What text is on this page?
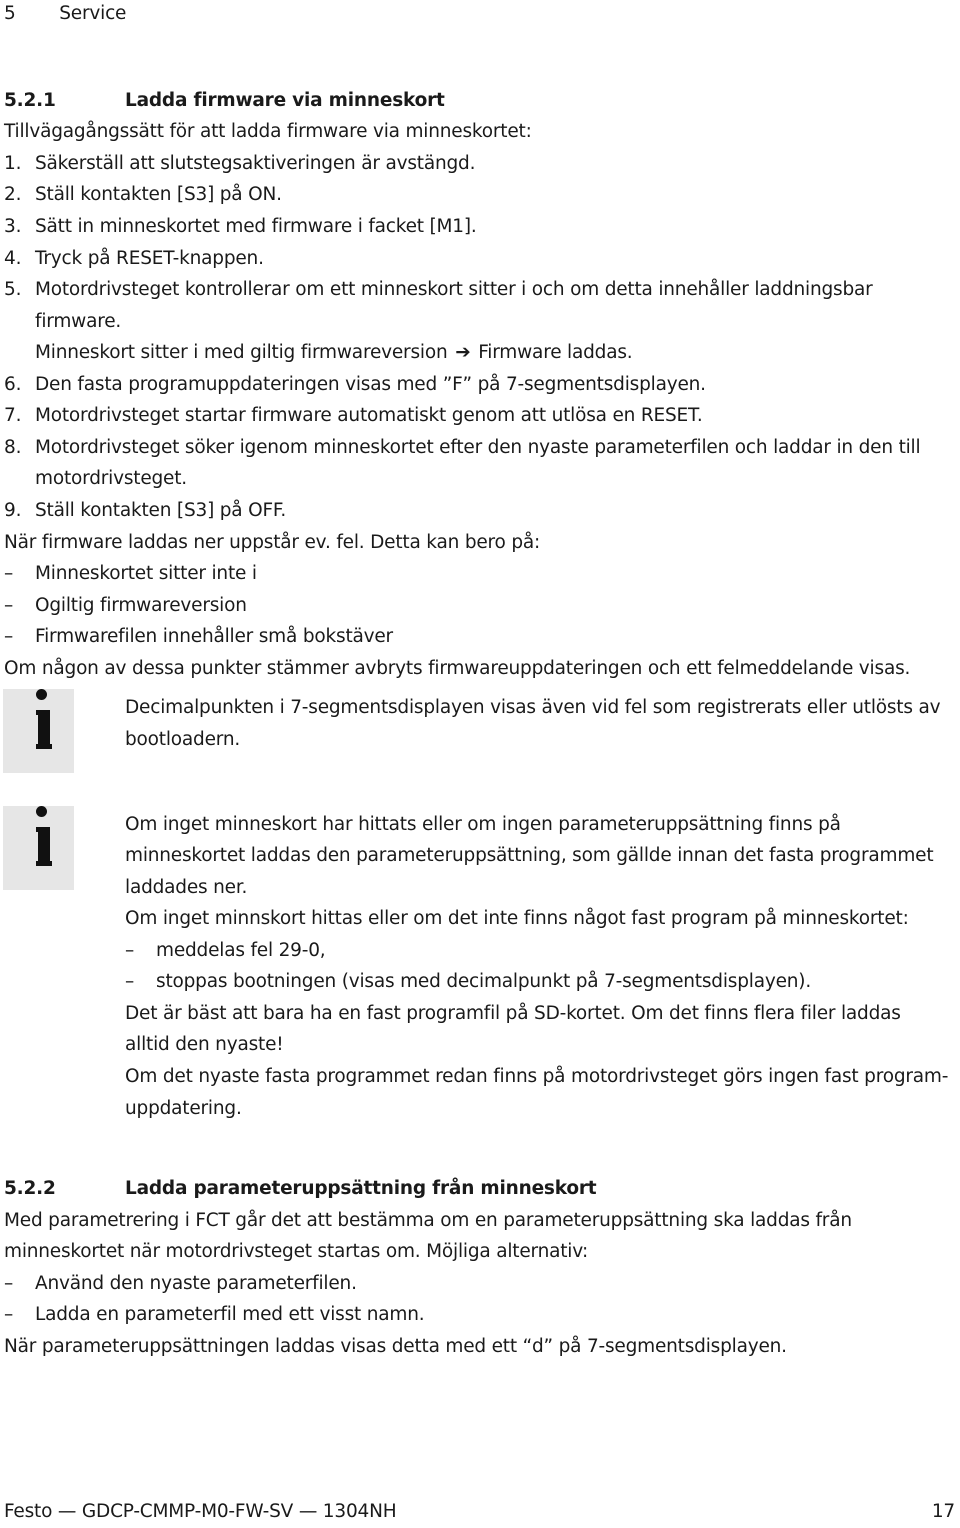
5 Service
5.2.1	Ladda firmware via minneskort
Tillvägagångssätt för att ladda firmware via minneskortet:
1. Säkerställ att slutstegsaktiveringen är avstängd.
2. Ställ kontakten [S3] på ON.
3. Sätt in minneskortet med firmware i facket [M1].
4. Tryck på RESET-knappen.
5. Motordrivsteget kontrollerar om ett minneskort sitter i och om detta innehåller laddningsbar
firmware.
Minneskort sitter i med giltig firmwareversion ➔ Firmware laddas.
6. Den fasta programuppdateringen visas med ”F” på 7-segmentsdisplayen.
7. Motordrivsteget startar firmware automatiskt genom att utlösa en RESET.
8. Motordrivsteget söker igenom minneskortet efter den nyaste parameterfilen och laddar in den till
motordrivsteget.
9. Ställ kontakten [S3] på OFF.
När firmware laddas ner uppstår ev. fel. Detta kan bero på:
– Minneskortet sitter inte i
– Ogiltig firmwareversion
– Firmwarefilen innehåller små bokstäver
Om någon av dessa punkter stämmer avbryts firmwareuppdateringen och ett felmeddelande visas.
Decimalpunkten i 7-segmentsdisplayen visas även vid fel som registrerats eller utlösts av
bootloadern.
Om inget minneskort har hittats eller om ingen parameteruppsättning finns på
minneskortet laddas den parameteruppsättning, som gällde innan det fasta programmet
laddades ner.
Om inget minnskort hittas eller om det inte finns något fast program på minneskortet:
– meddelas fel 29-0,
– stoppas bootningen (visas med decimalpunkt på 7-segmentsdisplayen).
Det är bäst att bara ha en fast programfil på SD-kortet. Om det finns flera filer laddas
alltid den nyaste!
Om det nyaste fasta programmet redan finns på motordrivsteget görs ingen fast program-
uppdatering.
5.2.2	Ladda parameteruppsättning från minneskort
Med parametrering i FCT går det att bestämma om en parameteruppsättning ska laddas från
minneskortet när motordrivsteget startas om. Möjliga alternativ:
– Använd den nyaste parameterfilen.
– Ladda en parameterfil med ett visst namn.
När parameteruppsättningen laddas visas detta med ett “d” på 7-segmentsdisplayen.
Festo — GDCP-CMMP-M0-FW-SV — 1304NH	17
